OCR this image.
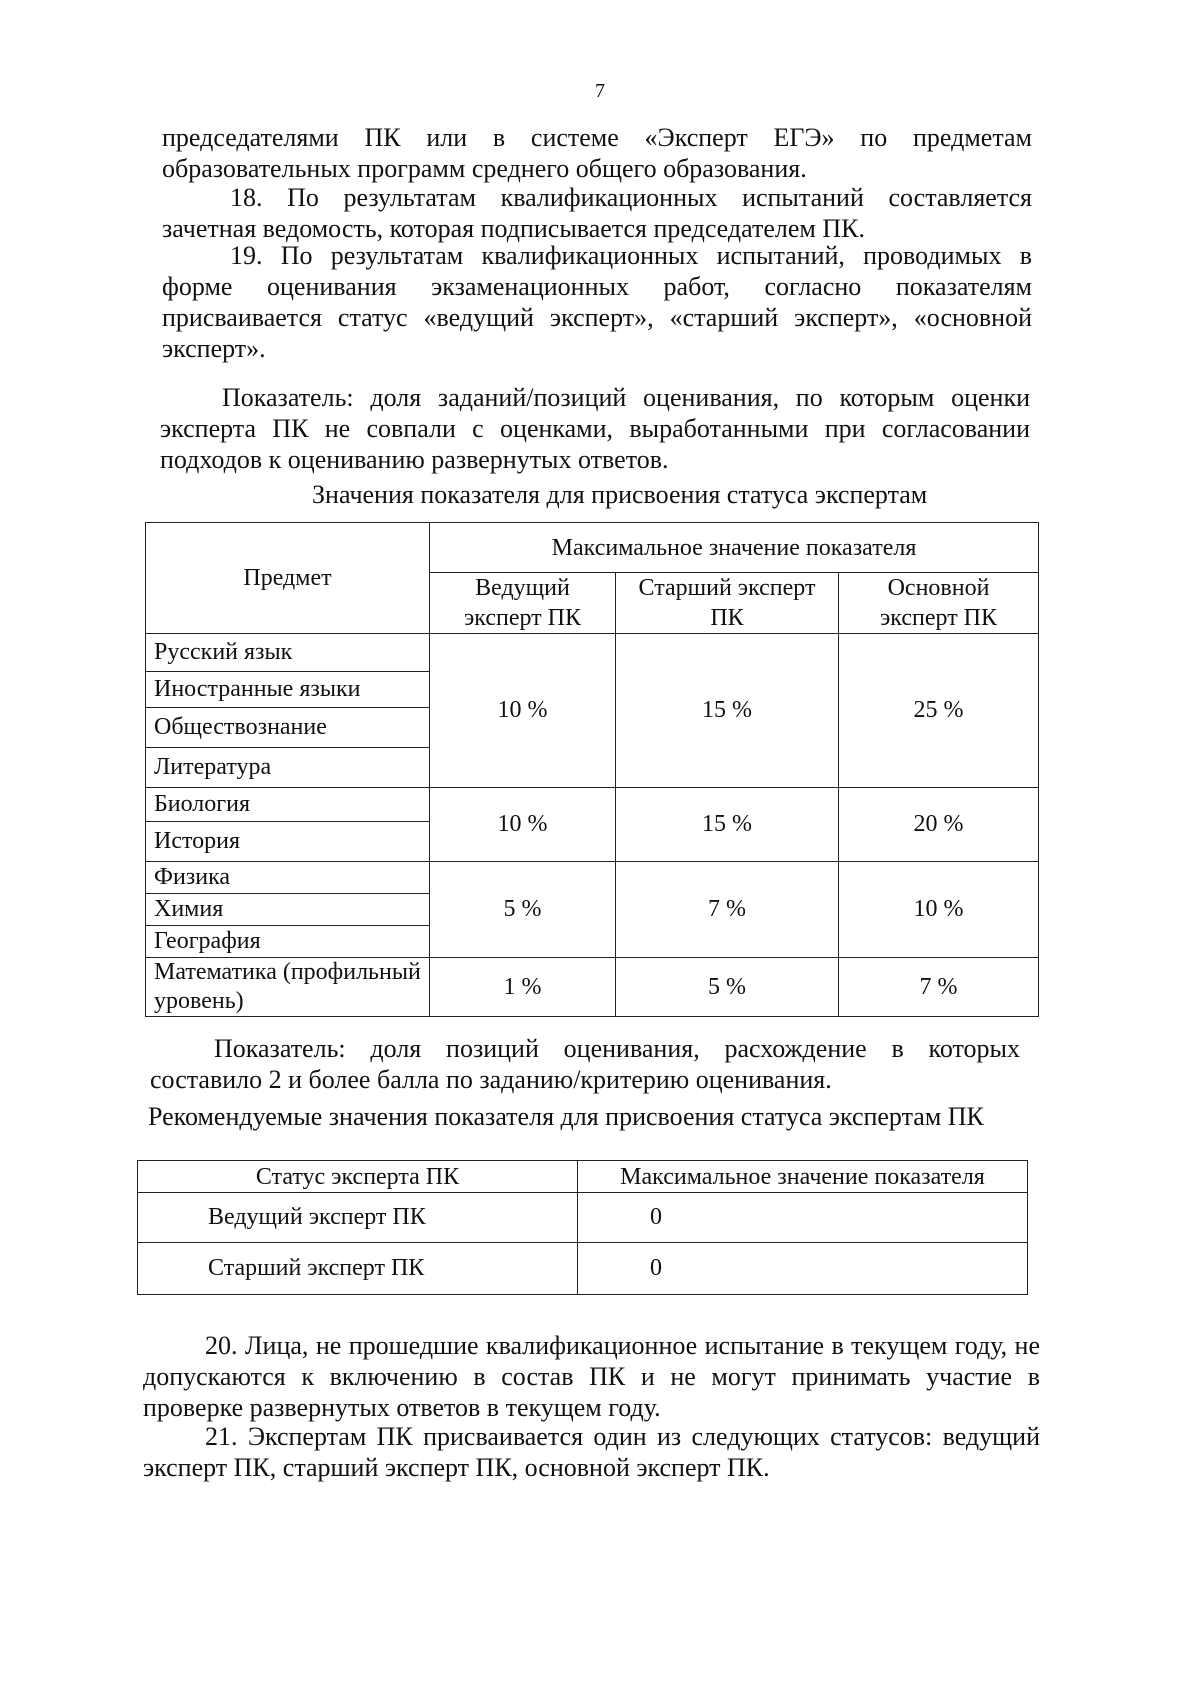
7

председателями ПК или в системе «Эксперт ЕГЭ» по предметам образовательных программ среднего общего образования.

18. По результатам квалификационных испытаний составляется зачетная ведомость, которая подписывается председателем ПК.

19. По результатам квалификационных испытаний, проводимых в форме оценивания экзаменационных работ, согласно показателям присваивается статус «ведущий эксперт», «старший эксперт», «основной эксперт».

Показатель: доля заданий/позиций оценивания, по которым оценки эксперта ПК не совпали с оценками, выработанными при согласовании подходов к оцениванию развернутых ответов.

Значения показателя для присвоения статуса экспертам

Предмет	Максимальное значение показателя		
	Ведущий эксперт ПК	Старший эксперт ПК	Основной эксперт ПК
Русский язык	10 %	15 %	25 %
Иностранные языки			
Обществознание			
Литература			
Биология	10 %	15 %	20 %
История			
Физика	5 %	7 %	10 %
Химия			
География			
Математика (профильный уровень)	1 %	5 %	7 %

Показатель: доля позиций оценивания, расхождение в которых составило 2 и более балла по заданию/критерию оценивания.

Рекомендуемые значения показателя для присвоения статуса экспертам ПК

Статус эксперта ПК	Максимальное значение показателя
Ведущий эксперт ПК	0
Старший эксперт ПК	0

20. Лица, не прошедшие квалификационное испытание в текущем году, не допускаются к включению в состав ПК и не могут принимать участие в проверке развернутых ответов в текущем году.

21. Экспертам ПК присваивается один из следующих статусов: ведущий эксперт ПК, старший эксперт ПК, основной эксперт ПК.
